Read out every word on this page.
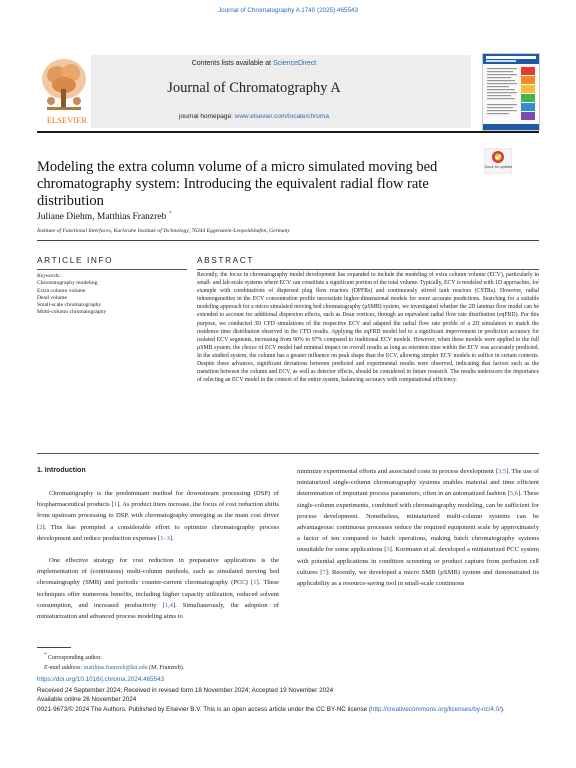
Journal of Chromatography A 1740 (2025) 465543
ELSEVIER
Contents lists available at ScienceDirect
Journal of Chromatography A
journal homepage: www.elsevier.com/locate/chroma
Modeling the extra column volume of a micro simulated moving bed chromatography system: Introducing the equivalent radial flow rate distribution
Check for updates
Juliane Diehm, Matthias Franzreb *
Institute of Functional Interfaces, Karlsruhe Institute of Technology, 76344 Eggenstein-Leopoldshafen, Germany
ARTICLE INFO	ABSTRACT
Keywords:
Chromatography modeling
Extra column volume
Dead volume
Small-scale chromatography
Multi-column chromatography
Recently, the focus in chromatography model development has expanded to include the modeling of extra column volume (ECV), particularly in small- and lab-scale systems where ECV can constitute a significant portion of the total volume. Typically, ECV is modeled with 1D approaches, for example with combinations of dispersed plug flow reactors (DPFRs) and continuously stirred tank reactors (CSTRs). However, radial inhomogeneities in the ECV concentration profile necessitate higher-dimensional models for more accurate predictions. Searching for a suitable modeling approach for a micro simulated moving bed chromatography (µSMB) system, we investigated whether the 2D laminar flow model can be extended to account for additional dispersion effects, such as Dean vortices, through an equivalent radial flow rate distribution (eqFRD). For this purpose, we conducted 3D CFD simulations of the respective ECV and adapted the radial flow rate profile of a 2D simulation to match the residence time distribution observed in the CFD results. Applying the eqFRD model led to a significant improvement in prediction accuracy for isolated ECV segments, increasing from 90% to 97% compared to traditional ECV models. However, when these models were applied to the full µSMB system, the choice of ECV model had minimal impact on overall results as long as retention time within the ECV was accurately predicted. In the studied system, the column has a greater influence on peak shape than the ECV, allowing simpler ECV models to suffice in certain contexts. Despite these advances, significant deviations between predicted and experimental results were observed, indicating that factors such as the transition between the column and ECV, as well as detector effects, should be considered in future research. The results underscore the importance of selecting an ECV model in the context of the entire system, balancing accuracy with computational efficiency.
1. Introduction
Chromatography is the predominant method for downstream processing (DSP) of biopharmaceutical products [1]. As product titers increase, the focus of cost reduction shifts from upstream processing to DSP, with chromatography emerging as the main cost driver [2]. This has prompted a considerable effort to optimize chromatography process development and reduce production expenses [1–3].
One effective strategy for cost reduction in preparative applications is the implementation of (continuous) multi-column methods, such as simulated moving bed chromatography (SMB) and periodic counter-current chromatography (PCC) [1]. These techniques offer numerous benefits, including higher capacity utilization, reduced solvent consumption, and increased productivity [1,4]. Simultaneously, the adoption of miniaturization and advanced process modeling aims to
minimize experimental efforts and associated costs in process development [3,5]. The use of miniaturized single-column chromatography systems enables material and time efficient determination of important process parameters, often in an automatized fashion [5,6]. These single-column experiments, combined with chromatography modeling, can be sufficient for process development. Nonetheless, miniaturized multi-column systems can be advantageous: continuous processes reduce the required equipment scale by approximately a factor of ten compared to batch operations, making batch chromatography systems unsuitable for some applications [3]. Kortmann et al. developed a miniaturized PCC system with potential applications in condition screening or product capture from perfusion cell cultures [7]. Recently, we developed a micro SMB (µSMB) system and demonstrated its applicability as a resource-saving tool in small-scale continuous
* Corresponding author.
E-mail address: matthias.franzreb@kit.edu (M. Franzreb).
https://doi.org/10.1016/j.chroma.2024.465543
Received 24 September 2024; Received in revised form 18 November 2024; Accepted 19 November 2024
Available online 26 November 2024
0021-9673/© 2024 The Authors. Published by Elsevier B.V. This is an open access article under the CC BY-NC license (http://creativecommons.org/licenses/by-nc/4.0/).
